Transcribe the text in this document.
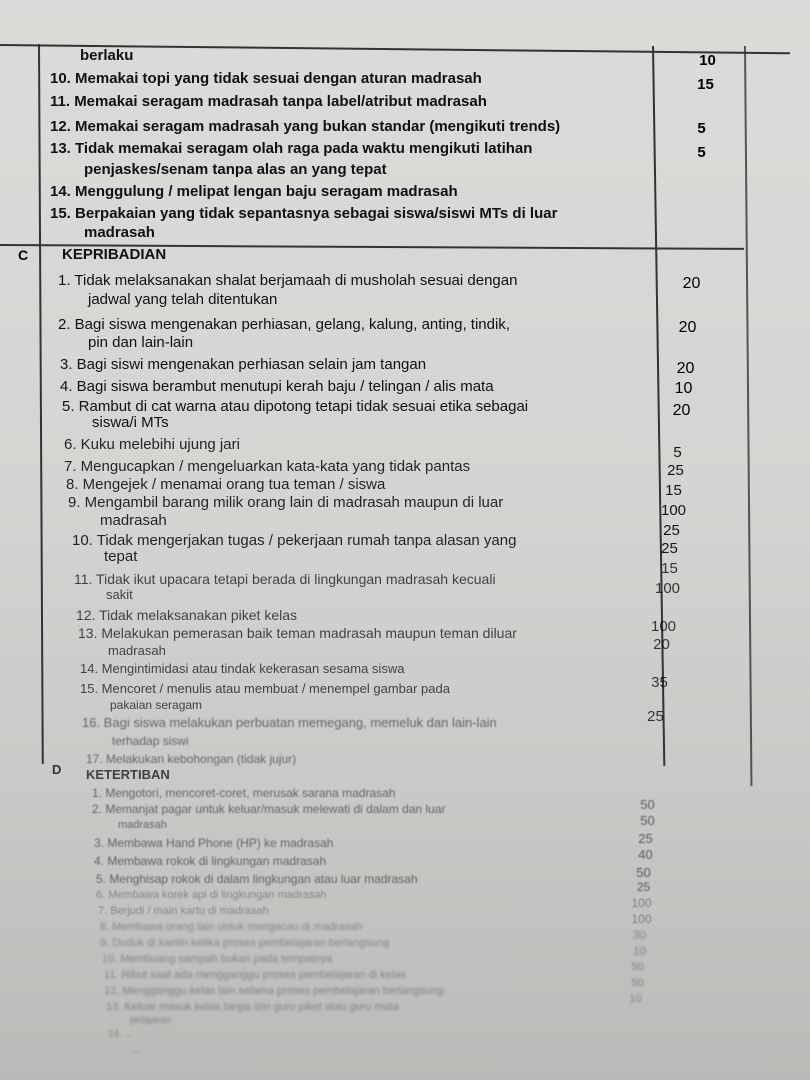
berlaku
10. Memakai topi yang tidak sesuai dengan aturan madrasah
11. Memakai seragam madrasah tanpa label/atribut madrasah
12. Memakai seragam madrasah yang bukan standar (mengikuti trends)
13. Tidak memakai seragam olah raga pada waktu mengikuti latihan
penjaskes/senam tanpa alas an yang tepat
14. Menggulung / melipat lengan baju seragam madrasah
15. Berpakaian yang tidak sepantasnya sebagai siswa/siswi MTs di luar
madrasah
10
15
5
5
C KEPRIBADIAN
1. Tidak melaksanakan shalat berjamaah di musholah sesuai dengan
jadwal yang telah ditentukan
2. Bagi siswa mengenakan perhiasan, gelang, kalung, anting, tindik,
pin dan lain-lain
3. Bagi siswi mengenakan perhiasan selain jam tangan
4. Bagi siswa berambut menutupi kerah baju / telingan / alis mata
5. Rambut di cat warna atau dipotong tetapi tidak sesuai etika sebagai
siswa/i MTs
6. Kuku melebihi ujung jari
7. Mengucapkan / mengeluarkan kata-kata yang tidak pantas
8. Mengejek / menamai orang tua teman / siswa
9. Mengambil barang milik orang lain di madrasah maupun di luar
madrasah
10. Tidak mengerjakan tugas / pekerjaan rumah tanpa alasan yang
tepat
11. Tidak ikut upacara tetapi berada di lingkungan madrasah kecuali
sakit
12. Tidak melaksanakan piket kelas
13. Melakukan pemerasan baik teman madrasah maupun teman diluar
madrasah
14. Mengintimidasi atau tindak kekerasan sesama siswa
15. Mencoret / menulis atau membuat / menempel gambar pada
pakaian seragam
16. Bagi siswa melakukan perbuatan memegang, memeluk dan lain-lain
terhadap siswi
17. Melakukan kebohongan (tidak jujur)
20
20
20
10
20
5
25
15
100
25
25
15
100
100
20
35
25
D KETERTIBAN
1. Mengotori, mencoret-coret, merusak sarana madrasah
2. Memanjat pagar untuk keluar/masuk melewati di dalam dan luar
madrasah
3. Membawa Hand Phone (HP) ke madrasah
4. Membawa rokok di lingkungan madrasah
5. Menghisap rokok di dalam lingkungan atau luar madrasah
6. Membawa korek api di lingkungan madrasah
7. Berjudi / main kartu di madrasah
8. Membawa orang lain untuk mengacau di madrasah
9. Duduk di kantin ketika proses pembelajaran berlangsung
10. Membuang sampah bukan pada tempatnya
11. Ribut saat ada mengganggu proses pembelajaran di kelas
12. Mengganggu kelas lain selama proses pembelajaran berlangsung
13. Keluar masuk kelas tanpa izin guru piket atau guru mata
pelajaran
14. ...
...
50
50
25
40
50
25
100
100
30
10
50
50
10
